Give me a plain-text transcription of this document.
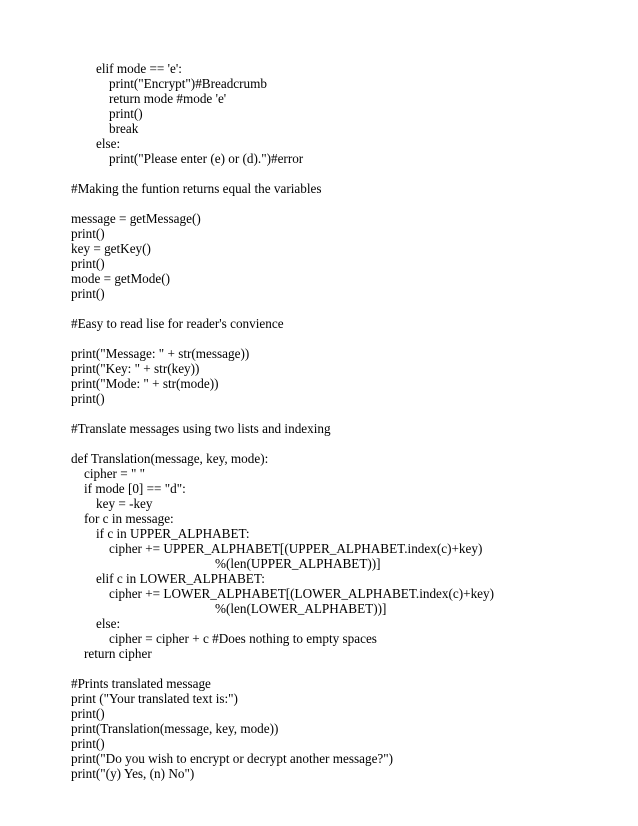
elif mode == 'e':
print("Encrypt")#Breadcrumb
return mode #mode 'e'
print()
break
else:
print("Please enter (e) or (d).")#error
#Making the funtion returns equal the variables
message = getMessage()
print()
key = getKey()
print()
mode = getMode()
print()
#Easy to read lise for reader's convience
print("Message: " + str(message))
print("Key: " + str(key))
print("Mode: " + str(mode))
print()
#Translate messages using two lists and indexing
def Translation(message, key, mode):
cipher = " "
if mode [0] == "d":
key = -key
for c in message:
if c in UPPER_ALPHABET:
cipher += UPPER_ALPHABET[(UPPER_ALPHABET.index(c)+key)
%(len(UPPER_ALPHABET))]
elif c in LOWER_ALPHABET:
cipher += LOWER_ALPHABET[(LOWER_ALPHABET.index(c)+key)
%(len(LOWER_ALPHABET))]
else:
cipher = cipher + c #Does nothing to empty spaces
return cipher
#Prints translated message
print ("Your translated text is:")
print()
print(Translation(message, key, mode))
print()
print("Do you wish to encrypt or decrypt another message?")
print("(y) Yes, (n) No")
